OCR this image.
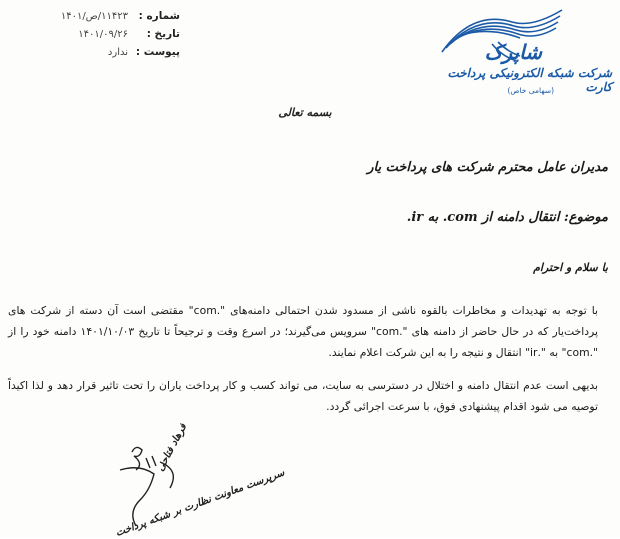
شماره :
۱۱۴۲۳/ص/۱۴۰۱
تاریخ :
۱۴۰۱/۰۹/۲۶
پیوست :
ندارد	شاپرک
شرکت شبکه الکترونیکی پرداخت کارت
(سهامی خاص)
بسمه تعالی
مدیران عامل محترم شرکت های پرداخت یار
موضوع: انتقال دامنه از com. به ir.
با سلام و احترام
با توجه به تهدیدات و مخاطرات بالقوه ناشی از مسدود شدن احتمالی دامنه‌های ".com" مقتضی است آن دسته از شرکت های پرداخت‌یار که در حال حاضر از دامنه های ".com" سرویس می‌گیرند؛ در اسرع وقت و ترجیحاً تا تاریخ ۱۴۰۱/۱۰/۰۳ دامنه خود را از ".com" به ".ir" انتقال و نتیجه را به این شرکت اعلام نمایند.
بدیهی است عدم انتقال دامنه و اختلال در دسترسی به سایت، می تواند کسب و کار پرداخت یاران را تحت تاثیر قرار دهد و لذا اکیداً توصیه می شود اقدام پیشنهادی فوق، با سرعت اجرائی گردد.
فرهاد فتاحی
سرپرست معاونت نظارت بر شبکه پرداخت
